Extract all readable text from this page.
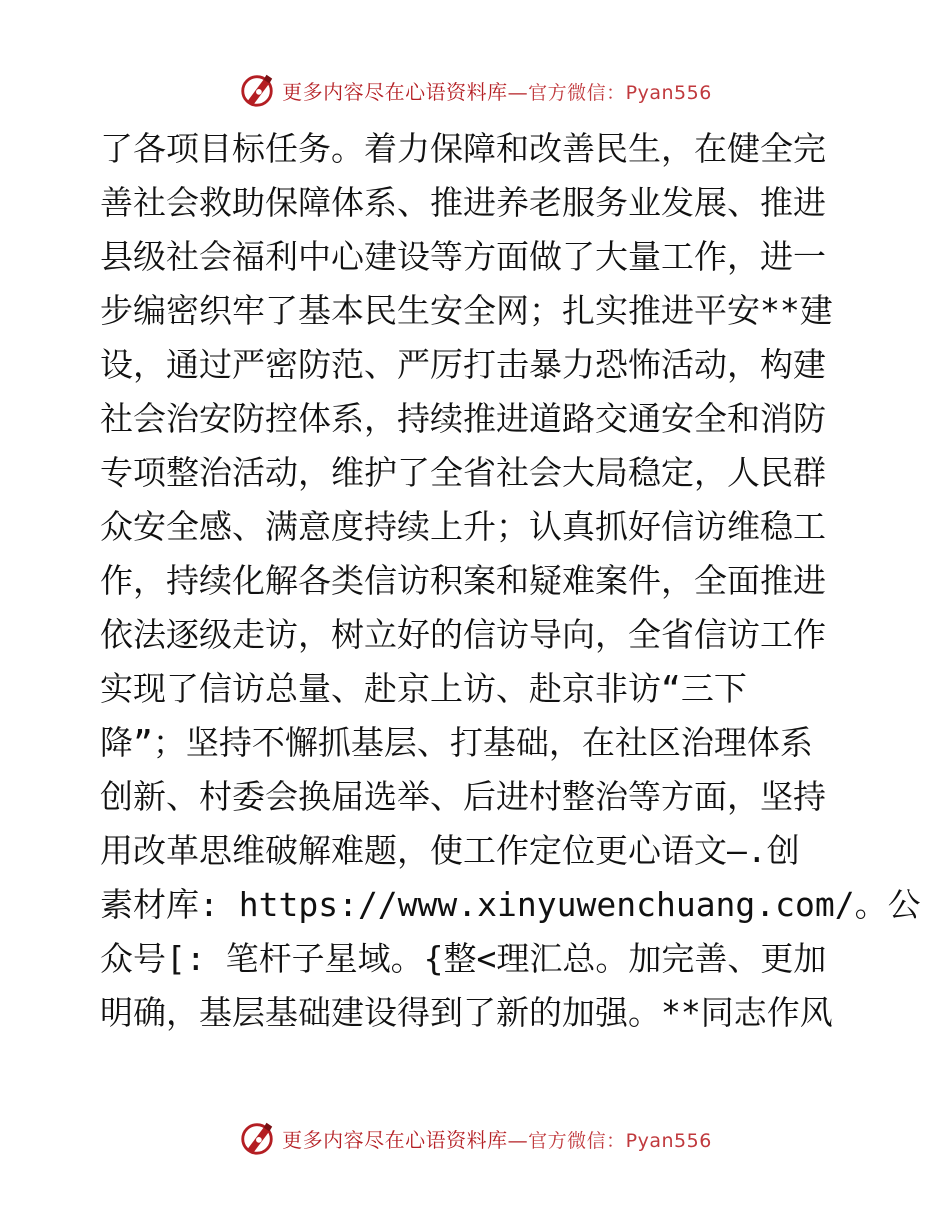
更多内容尽在心语资料库—官方微信：Pyan556
了各项目标任务。着力保障和改善民生，在健全完
善社会救助保障体系、推进养老服务业发展、推进
县级社会福利中心建设等方面做了大量工作，进一
步编密织牢了基本民生安全网；扎实推进平安**建
设，通过严密防范、严厉打击暴力恐怖活动，构建
社会治安防控体系，持续推进道路交通安全和消防
专项整治活动，维护了全省社会大局稳定，人民群
众安全感、满意度持续上升；认真抓好信访维稳工
作，持续化解各类信访积案和疑难案件，全面推进
依法逐级走访，树立好的信访导向，全省信访工作
实现了信访总量、赴京上访、赴京非访“三下
降”；坚持不懈抓基层、打基础，在社区治理体系
创新、村委会换届选举、后进村整治等方面，坚持
用改革思维破解难题，使工作定位更心语文—.创
素材库: https://www.xinyuwenchuang.com/。公
众号[: 笔杆子星域。{整<理汇总。加完善、更加
明确，基层基础建设得到了新的加强。**同志作风
更多内容尽在心语资料库—官方微信：Pyan556
